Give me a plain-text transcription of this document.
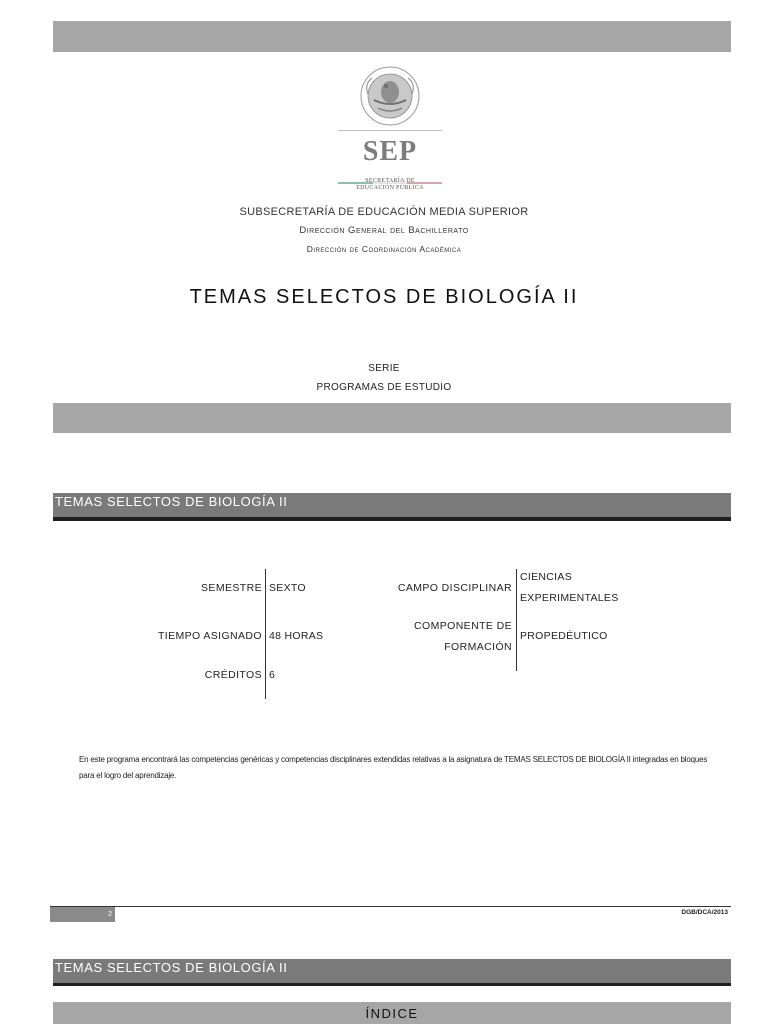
SEP
SECRETARÍA DE
EDUCACIÓN PÚBLICA
SUBSECRETARÍA DE EDUCACIÓN MEDIA SUPERIOR
Dirección General del Bachillerato
Dirección de Coordinación Académica
TEMAS SELECTOS DE BIOLOGÍA II
SERIE
PROGRAMAS DE ESTUDIO
TEMAS SELECTOS DE BIOLOGÍA II
SEMESTRE
TIEMPO ASIGNADO
CRÉDITOS
SEXTO
48 HORAS
6
CAMPO DISCIPLINAR
COMPONENTE DE
FORMACIÓN
CIENCIAS
EXPERIMENTALES
PROPEDÉUTICO
En este programa encontrará las competencias genéricas y competencias disciplinares extendidas relativas a la asignatura de TEMAS SELECTOS DE BIOLOGÍA II integradas en bloques para el logro del aprendizaje.
2	DGB/DCA/2013
TEMAS SELECTOS DE BIOLOGÍA II
ÍNDICE
